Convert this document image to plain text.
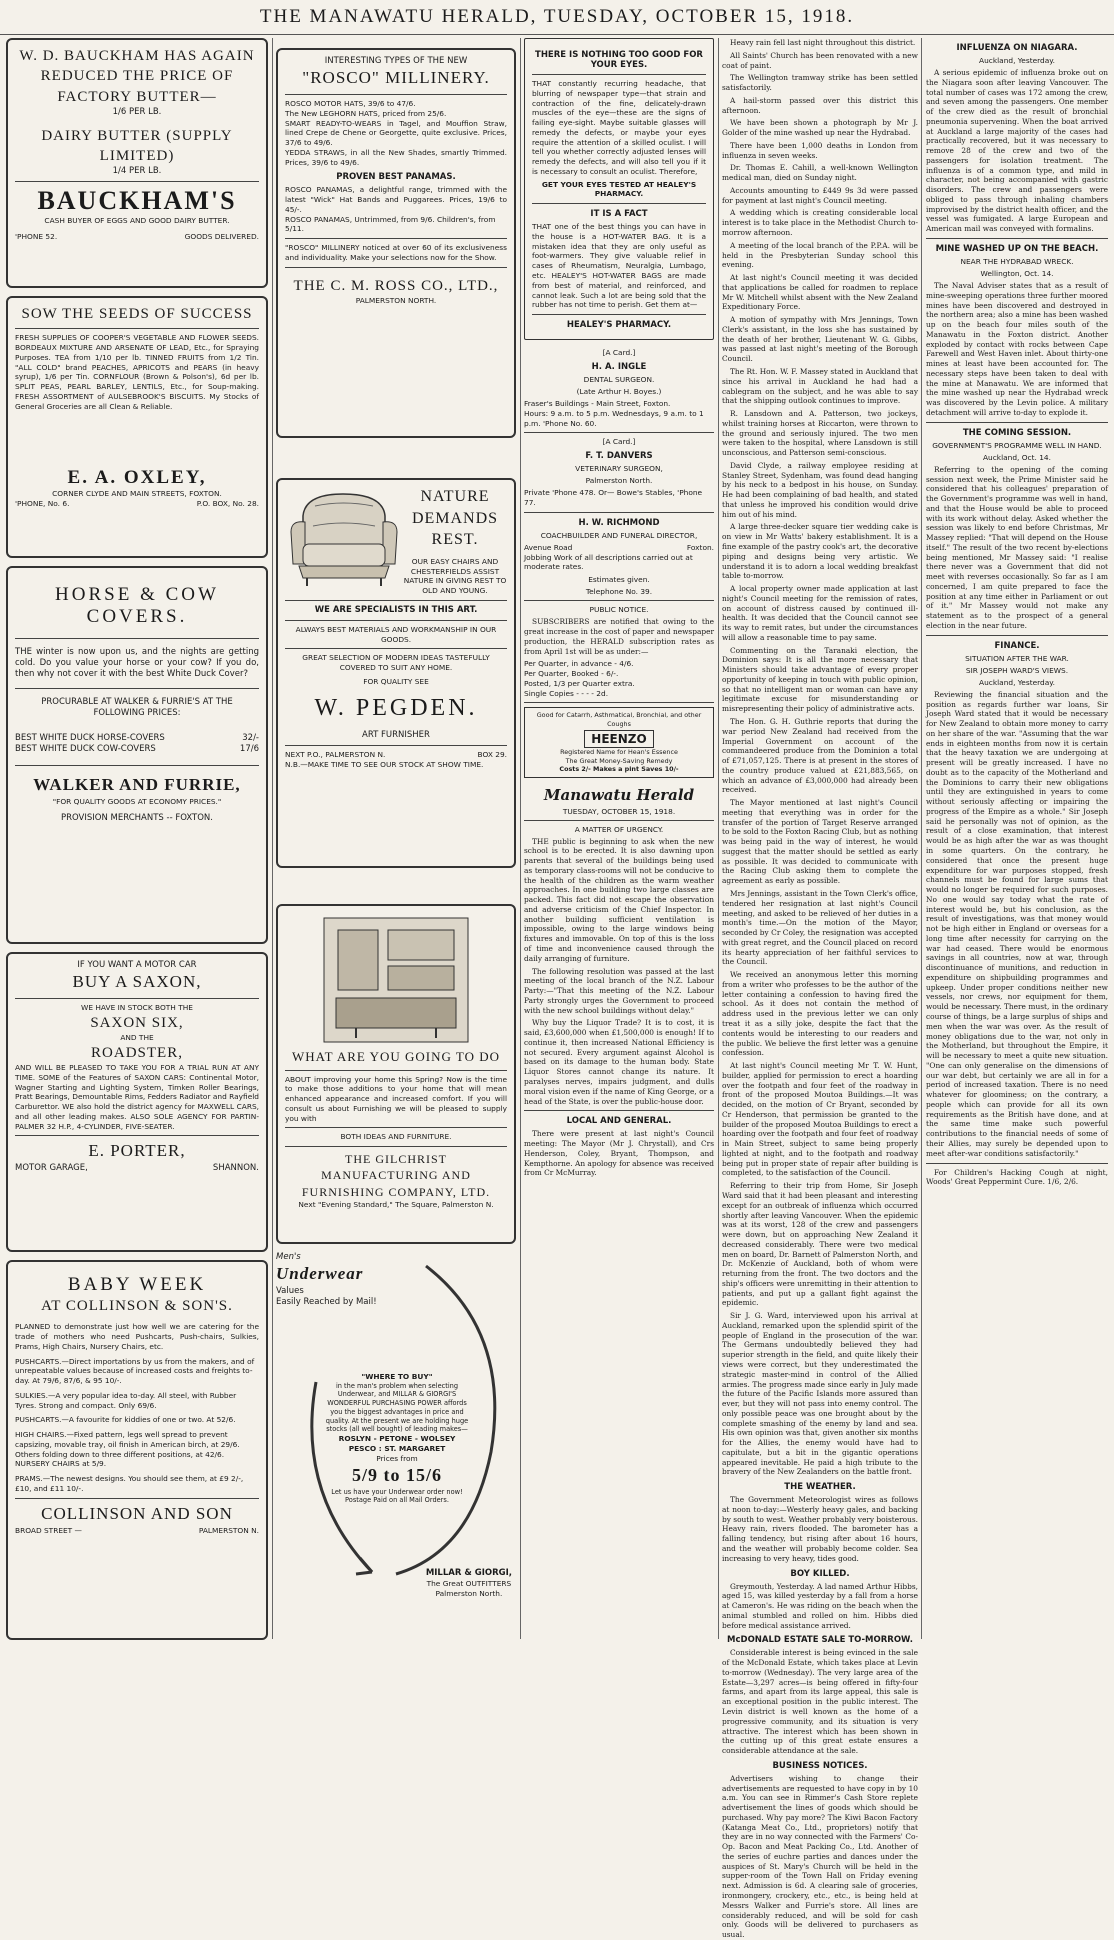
THE MANAWATU HERALD, TUESDAY, OCTOBER 15, 1918.
W. D. BAUCKHAM HAS AGAIN
REDUCED THE PRICE OF
FACTORY BUTTER—
1/6 PER LB.
DAIRY BUTTER (SUPPLY LIMITED)
1/4 PER LB.
BAUCKHAM'S
CASH BUYER OF EGGS AND GOOD DAIRY BUTTER.
'PHONE 52.	GOODS DELIVERED.
SOW THE SEEDS OF SUCCESS
FRESH SUPPLIES OF COOPER'S VEGETABLE AND FLOWER SEEDS. BORDEAUX MIXTURE AND ARSENATE OF LEAD, Etc., for Spraying Purposes. TEA from 1/10 per lb. TINNED FRUITS from 1/2 Tin. "ALL COLD" brand PEACHES, APRICOTS and PEARS (in heavy syrup), 1/6 per Tin. CORNFLOUR (Brown & Polson's), 6d per lb. SPLIT PEAS, PEARL BARLEY, LENTILS, Etc., for Soup-making. FRESH ASSORTMENT of AULSEBROOK'S BISCUITS. My Stocks of General Groceries are all Clean & Reliable.
E. A. OXLEY,
CORNER CLYDE AND MAIN STREETS, FOXTON.
'PHONE, No. 6.	P.O. BOX, No. 28.
HORSE & COW COVERS.
THE winter is now upon us, and the nights are getting cold. Do you value your horse or your cow? If you do, then why not cover it with the best White Duck Cover?
PROCURABLE AT WALKER & FURRIE'S AT THE FOLLOWING PRICES:
BEST WHITE DUCK HORSE-COVERS	32/-
BEST WHITE DUCK COW-COVERS	17/6
WALKER AND FURRIE,
"FOR QUALITY GOODS AT ECONOMY PRICES."
PROVISION MERCHANTS -- FOXTON.
IF YOU WANT A MOTOR CAR
BUY A SAXON,
WE HAVE IN STOCK BOTH THE
SAXON SIX,
AND THE
ROADSTER,
AND WILL BE PLEASED TO TAKE YOU FOR A TRIAL RUN AT ANY TIME. SOME of the Features of SAXON CARS: Continental Motor, Wagner Starting and Lighting System, Timken Roller Bearings, Pratt Bearings, Demountable Rims, Fedders Radiator and Rayfield Carburettor. WE also hold the district agency for MAXWELL CARS, and all other leading makes. ALSO SOLE AGENCY FOR PARTIN-PALMER 32 H.P., 4-CYLINDER, FIVE-SEATER.
E. PORTER,
MOTOR GARAGE,	SHANNON.
BABY WEEK
AT COLLINSON & SON'S.
PLANNED to demonstrate just how well we are catering for the trade of mothers who need Pushcarts, Push-chairs, Sulkies, Prams, High Chairs, Nursery Chairs, etc.
PUSHCARTS.—Direct importations by us from the makers, and of unrepeatable values because of increased costs and freights to-day. At 79/6, 87/6, & 95 10/-.
SULKIES.—A very popular idea to-day. All steel, with Rubber Tyres. Strong and compact. Only 69/6.
PUSHCARTS.—A favourite for kiddies of one or two. At 52/6.
HIGH CHAIRS.—Fixed pattern, legs well spread to prevent capsizing, movable tray, oil finish in American birch, at 29/6. Others folding down to three different positions, at 42/6. NURSERY CHAIRS at 5/9.
PRAMS.—The newest designs. You should see them, at £9 2/-, £10, and £11 10/-.
COLLINSON AND SON
BROAD STREET —	PALMERSTON N.
INTERESTING TYPES OF THE NEW
"ROSCO" MILLINERY.
ROSCO MOTOR HATS, 39/6 to 47/6.
The New LEGHORN HATS, priced from 25/6.
SMART READY-TO-WEARS in Tagel, and Mouffion Straw, lined Crepe de Chene or Georgette, quite exclusive. Prices, 37/6 to 49/6.
YEDDA STRAWS, in all the New Shades, smartly Trimmed. Prices, 39/6 to 49/6.
PROVEN BEST PANAMAS.
ROSCO PANAMAS, a delightful range, trimmed with the latest "Wick" Hat Bands and Puggarees. Prices, 19/6 to 45/-.
ROSCO PANAMAS, Untrimmed, from 9/6. Children's, from 5/11.
"ROSCO" MILLINERY noticed at over 60 of its exclusiveness and individuality. Make your selections now for the Show.
THE C. M. ROSS CO., LTD.,
PALMERSTON NORTH.
NATURE
DEMANDS
REST.
OUR EASY CHAIRS AND CHESTERFIELDS ASSIST NATURE IN GIVING REST TO OLD AND YOUNG.
WE ARE SPECIALISTS IN THIS ART.
ALWAYS BEST MATERIALS AND WORKMANSHIP IN OUR GOODS.
GREAT SELECTION OF MODERN IDEAS TASTEFULLY COVERED TO SUIT ANY HOME.
FOR QUALITY SEE
W. PEGDEN.
ART FURNISHER
NEXT P.O., PALMERSTON N.	BOX 29.
N.B.—MAKE TIME TO SEE OUR STOCK AT SHOW TIME.
WHAT ARE YOU GOING TO DO
ABOUT improving your home this Spring? Now is the time to make those additions to your home that will mean enhanced appearance and increased comfort. If you will consult us about Furnishing we will be pleased to supply you with
BOTH IDEAS AND FURNITURE.
THE GILCHRIST MANUFACTURING AND FURNISHING COMPANY, LTD.
Next "Evening Standard," The Square, Palmerston N.
Men's
Underwear
Values
Easily Reached by Mail!
"WHERE TO BUY"
in the man's problem when selecting Underwear, and MILLAR & GIORGI'S WONDERFUL PURCHASING POWER affords you the biggest advantages in price and quality. At the present we are holding huge stocks (all well bought) of leading makes—
ROSLYN - PETONE - WOLSEY
PESCO : ST. MARGARET
Prices from
5/9 to 15/6
Let us have your Underwear order now! Postage Paid on all Mail Orders.
MILLAR & GIORGI,
The Great OUTFITTERS
Palmerston North.
THERE IS NOTHING TOO GOOD FOR YOUR EYES.
THAT constantly recurring headache, that blurring of newspaper type—that strain and contraction of the fine, delicately-drawn muscles of the eye—these are the signs of failing eye-sight. Maybe suitable glasses will remedy the defects, or maybe your eyes require the attention of a skilled oculist. I will tell you whether correctly adjusted lenses will remedy the defects, and will also tell you if it is necessary to consult an oculist. Therefore,
GET YOUR EYES TESTED AT HEALEY'S PHARMACY.
IT IS A FACT
THAT one of the best things you can have in the house is a HOT-WATER BAG. It is a mistaken idea that they are only useful as foot-warmers. They give valuable relief in cases of Rheumatism, Neuralgia, Lumbago, etc. HEALEY'S HOT-WATER BAGS are made from best of material, and reinforced, and cannot leak. Such a lot are being sold that the rubber has not time to perish. Get them at—
HEALEY'S PHARMACY.
[A Card.]
H. A. INGLE
DENTAL SURGEON.
(Late Arthur H. Boyes.)
Fraser's Buildings - Main Street, Foxton.
Hours: 9 a.m. to 5 p.m. Wednesdays, 9 a.m. to 1 p.m. 'Phone No. 60.
[A Card.]
F. T. DANVERS
VETERINARY SURGEON,
Palmerston North.
Private 'Phone 478. Or— Bowe's Stables, 'Phone 77.
H. W. RICHMOND
COACHBUILDER AND FUNERAL DIRECTOR,
Avenue Road	Foxton.
Jobbing Work of all descriptions carried out at moderate rates.
Estimates given.
Telephone No. 39.
PUBLIC NOTICE.
SUBSCRIBERS are notified that owing to the great increase in the cost of paper and newspaper production, the HERALD subscription rates as from April 1st will be as under:—
Per Quarter, in advance - 4/6.
Per Quarter, Booked - 6/-.
Posted, 1/3 per Quarter extra.
Single Copies - - - - 2d.
Good for Catarrh, Asthmatical, Bronchial, and other Coughs
HEENZO
Registered Name for Hean's Essence
The Great Money-Saving Remedy
Costs 2/- Makes a pint Saves 10/-
Manawatu Herald
TUESDAY, OCTOBER 15, 1918.
A MATTER OF URGENCY.
THE public is beginning to ask when the new school is to be erected. It is also dawning upon parents that several of the buildings being used as temporary class-rooms will not be conducive to the health of the children as the warm weather approaches. In one building two large classes are packed. This fact did not escape the observation and adverse criticism of the Chief Inspector. In another building sufficient ventilation is impossible, owing to the large windows being fixtures and immovable. On top of this is the loss of time and inconvenience caused through the daily arranging of furniture.
The following resolution was passed at the last meeting of the local branch of the N.Z. Labour Party:—"That this meeting of the N.Z. Labour Party strongly urges the Government to proceed with the new school buildings without delay."
Why buy the Liquor Trade? It is to cost, it is said, £3,600,000 when £1,500,000 is enough! If to continue it, then increased National Efficiency is not secured. Every argument against Alcohol is based on its damage to the human body. State Liquor Stores cannot change its nature. It paralyses nerves, impairs judgment, and dulls moral vision even if the name of King George, or a head of the State, is over the public-house door.
LOCAL AND GENERAL.
There were present at last night's Council meeting: The Mayor (Mr J. Chrystall), and Crs Henderson, Coley, Bryant, Thompson, and Kempthorne. An apology for absence was received from Cr McMurray.
Heavy rain fell last night throughout this district.
All Saints' Church has been renovated with a new coat of paint.
The Wellington tramway strike has been settled satisfactorily.
A hail-storm passed over this district this afternoon.
We have been shown a photograph by Mr J. Golder of the mine washed up near the Hydrabad.
There have been 1,000 deaths in London from influenza in seven weeks.
Dr. Thomas E. Cahill, a well-known Wellington medical man, died on Sunday night.
Accounts amounting to £449 9s 3d were passed for payment at last night's Council meeting.
A wedding which is creating considerable local interest is to take place in the Methodist Church to-morrow afternoon.
A meeting of the local branch of the P.P.A. will be held in the Presbyterian Sunday school this evening.
At last night's Council meeting it was decided that applications be called for roadmen to replace Mr W. Mitchell whilst absent with the New Zealand Expeditionary Force.
A motion of sympathy with Mrs Jennings, Town Clerk's assistant, in the loss she has sustained by the death of her brother, Lieutenant W. G. Gibbs, was passed at last night's meeting of the Borough Council.
The Rt. Hon. W. F. Massey stated in Auckland that since his arrival in Auckland he had had a cablegram on the subject, and he was able to say that the shipping outlook continues to improve.
R. Lansdown and A. Patterson, two jockeys, whilst training horses at Riccarton, were thrown to the ground and seriously injured. The two men were taken to the hospital, where Lansdown is still unconscious, and Patterson semi-conscious.
David Clyde, a railway employee residing at Stanley Street, Sydenham, was found dead hanging by his neck to a bedpost in his house, on Sunday. He had been complaining of bad health, and stated that unless he improved his condition would drive him out of his mind.
A large three-decker square tier wedding cake is on view in Mr Watts' bakery establishment. It is a fine example of the pastry cook's art, the decorative piping and designs being very artistic. We understand it is to adorn a local wedding breakfast table to-morrow.
A local property owner made application at last night's Council meeting for the remission of rates, on account of distress caused by continued ill-health. It was decided that the Council cannot see its way to remit rates, but under the circumstances will allow a reasonable time to pay same.
Commenting on the Taranaki election, the Dominion says: It is all the more necessary that Ministers should take advantage of every proper opportunity of keeping in touch with public opinion, so that no intelligent man or woman can have any legitimate excuse for misunderstanding or misrepresenting their policy of administrative acts.
The Hon. G. H. Guthrie reports that during the war period New Zealand had received from the Imperial Government on account of the commandeered produce from the Dominion a total of £71,057,125. There is at present in the stores of the country produce valued at £21,883,565, on which an advance of £3,000,000 had already been received.
The Mayor mentioned at last night's Council meeting that everything was in order for the transfer of the portion of Target Reserve arranged to be sold to the Foxton Racing Club, but as nothing was being paid in the way of interest, he would suggest that the matter should be settled as early as possible. It was decided to communicate with the Racing Club asking them to complete the agreement as early as possible.
Mrs Jennings, assistant in the Town Clerk's office, tendered her resignation at last night's Council meeting, and asked to be relieved of her duties in a month's time.—On the motion of the Mayor, seconded by Cr Coley, the resignation was accepted with great regret, and the Council placed on record its hearty appreciation of her faithful services to the Council.
We received an anonymous letter this morning from a writer who professes to be the author of the letter containing a confession to having fired the school. As it does not contain the method of address used in the previous letter we can only treat it as a silly joke, despite the fact that the contents would be interesting to our readers and the public. We believe the first letter was a genuine confession.
At last night's Council meeting Mr T. W. Hunt, builder, applied for permission to erect a hoarding over the footpath and four feet of the roadway in front of the proposed Moutoa Buildings.—It was decided, on the motion of Cr Bryant, seconded by Cr Henderson, that permission be granted to the builder of the proposed Moutoa Buildings to erect a hoarding over the footpath and four feet of roadway in Main Street, subject to same being properly lighted at night, and to the footpath and roadway being put in proper state of repair after building is completed, to the satisfaction of the Council.
Referring to their trip from Home, Sir Joseph Ward said that it had been pleasant and interesting except for an outbreak of influenza which occurred shortly after leaving Vancouver. When the epidemic was at its worst, 128 of the crew and passengers were down, but on approaching New Zealand it decreased considerably. There were two medical men on board, Dr. Barnett of Palmerston North, and Dr. McKenzie of Auckland, both of whom were returning from the front. The two doctors and the ship's officers were unremitting in their attention to patients, and put up a gallant fight against the epidemic.
Sir J. G. Ward, interviewed upon his arrival at Auckland, remarked upon the splendid spirit of the people of England in the prosecution of the war. The Germans undoubtedly believed they had superior strength in the field, and quite likely their views were correct, but they underestimated the strategic master-mind in control of the Allied armies. The progress made since early in July made the future of the Pacific Islands more assured than ever, but they will not pass into enemy control. The only possible peace was one brought about by the complete smashing of the enemy by land and sea. His own opinion was that, given another six months for the Allies, the enemy would have had to capitulate, but a bit in the gigantic operations appeared inevitable. He paid a high tribute to the bravery of the New Zealanders on the battle front.
THE WEATHER.
The Government Meteorologist wires as follows at noon to-day:—Westerly heavy gales, and backing by south to west. Weather probably very boisterous. Heavy rain, rivers flooded. The barometer has a falling tendency, but rising after about 16 hours, and the weather will probably become colder. Sea increasing to very heavy, tides good.
BOY KILLED.
Greymouth, Yesterday. A lad named Arthur Hibbs, aged 15, was killed yesterday by a fall from a horse at Cameron's. He was riding on the beach when the animal stumbled and rolled on him. Hibbs died before medical assistance arrived.
McDONALD ESTATE SALE TO-MORROW.
Considerable interest is being evinced in the sale of the McDonald Estate, which takes place at Levin to-morrow (Wednesday). The very large area of the Estate—3,297 acres—is being offered in fifty-four farms, and apart from its large appeal, this sale is an exceptional position in the public interest. The Levin district is well known as the home of a progressive community, and its situation is very attractive. The interest which has been shown in the cutting up of this great estate ensures a considerable attendance at the sale.
BUSINESS NOTICES.
Advertisers wishing to change their advertisements are requested to have copy in by 10 a.m. You can see in Rimmer's Cash Store replete advertisement the lines of goods which should be purchased. Why pay more? The Kiwi Bacon Factory (Katanga Meat Co., Ltd., proprietors) notify that they are in no way connected with the Farmers' Co-Op. Bacon and Meat Packing Co., Ltd. Another of the series of euchre parties and dances under the auspices of St. Mary's Church will be held in the supper-room of the Town Hall on Friday evening next. Admission is 6d. A clearing sale of groceries, ironmongery, crockery, etc., etc., is being held at Messrs Walker and Furrie's store. All lines are considerably reduced, and will be sold for cash only. Goods will be delivered to purchasers as usual.
INFLUENZA ON NIAGARA.
Auckland, Yesterday.
A serious epidemic of influenza broke out on the Niagara soon after leaving Vancouver. The total number of cases was 172 among the crew, and seven among the passengers. One member of the crew died as the result of bronchial pneumonia supervening. When the boat arrived at Auckland a large majority of the cases had practically recovered, but it was necessary to remove 28 of the crew and two of the passengers for isolation treatment. The influenza is of a common type, and mild in character, not being accompanied with gastric disorders. The crew and passengers were obliged to pass through inhaling chambers improvised by the district health officer, and the vessel was fumigated. A large European and American mail was conveyed with formalins.
MINE WASHED UP ON THE BEACH.
NEAR THE HYDRABAD WRECK.
Wellington, Oct. 14.
The Naval Adviser states that as a result of mine-sweeping operations three further moored mines have been discovered and destroyed in the northern area; also a mine has been washed up on the beach four miles south of the Manawatu in the Foxton district. Another exploded by contact with rocks between Cape Farewell and West Haven inlet. About thirty-one mines at least have been accounted for. The necessary steps have been taken to deal with the mine at Manawatu. We are informed that the mine washed up near the Hydrabad wreck was discovered by the Levin police. A military detachment will arrive to-day to explode it.
THE COMING SESSION.
GOVERNMENT'S PROGRAMME WELL IN HAND.
Auckland, Oct. 14.
Referring to the opening of the coming session next week, the Prime Minister said he considered that his colleagues' preparation of the Government's programme was well in hand, and that the House would be able to proceed with its work without delay. Asked whether the session was likely to end before Christmas, Mr Massey replied: "That will depend on the House itself." The result of the two recent by-elections being mentioned, Mr Massey said: "I realise there never was a Government that did not meet with reverses occasionally. So far as I am concerned, I am quite prepared to face the position at any time either in Parliament or out of it." Mr Massey would not make any statement as to the prospect of a general election in the near future.
FINANCE.
SITUATION AFTER THE WAR.
SIR JOSEPH WARD'S VIEWS.
Auckland, Yesterday.
Reviewing the financial situation and the position as regards further war loans, Sir Joseph Ward stated that it would be necessary for New Zealand to obtain more money to carry on her share of the war. "Assuming that the war ends in eighteen months from now it is certain that the heavy taxation we are undergoing at present will be greatly increased. I have no doubt as to the capacity of the Motherland and the Dominions to carry their new obligations until they are extinguished in years to come without seriously affecting or impairing the progress of the Empire as a whole." Sir Joseph said he personally was not of opinion, as the result of a close examination, that interest would be as high after the war as was thought in some quarters. On the contrary, he considered that once the present huge expenditure for war purposes stopped, fresh channels must be found for large sums that would no longer be required for such purposes. No one would say today what the rate of interest would be, but his conclusion, as the result of investigations, was that money would not be high either in England or overseas for a long time after necessity for carrying on the war had ceased. There would be enormous savings in all countries, now at war, through discontinuance of munitions, and reduction in expenditure on shipbuilding programmes and upkeep. Under proper conditions neither new vessels, nor crews, nor equipment for them, would be necessary. There must, in the ordinary course of things, be a large surplus of ships and men when the war was over. As the result of money obligations due to the war, not only in the Motherland, but throughout the Empire, it will be necessary to meet a quite new situation. "One can only generalise on the dimensions of our war debt, but certainly we are all in for a period of increased taxation. There is no need whatever for gloominess; on the contrary, a people which can provide for all its own requirements as the British have done, and at the same time make such powerful contributions to the financial needs of some of their Allies, may surely be depended upon to meet after-war conditions satisfactorily."
For Children's Hacking Cough at night, Woods' Great Peppermint Cure. 1/6, 2/6.
